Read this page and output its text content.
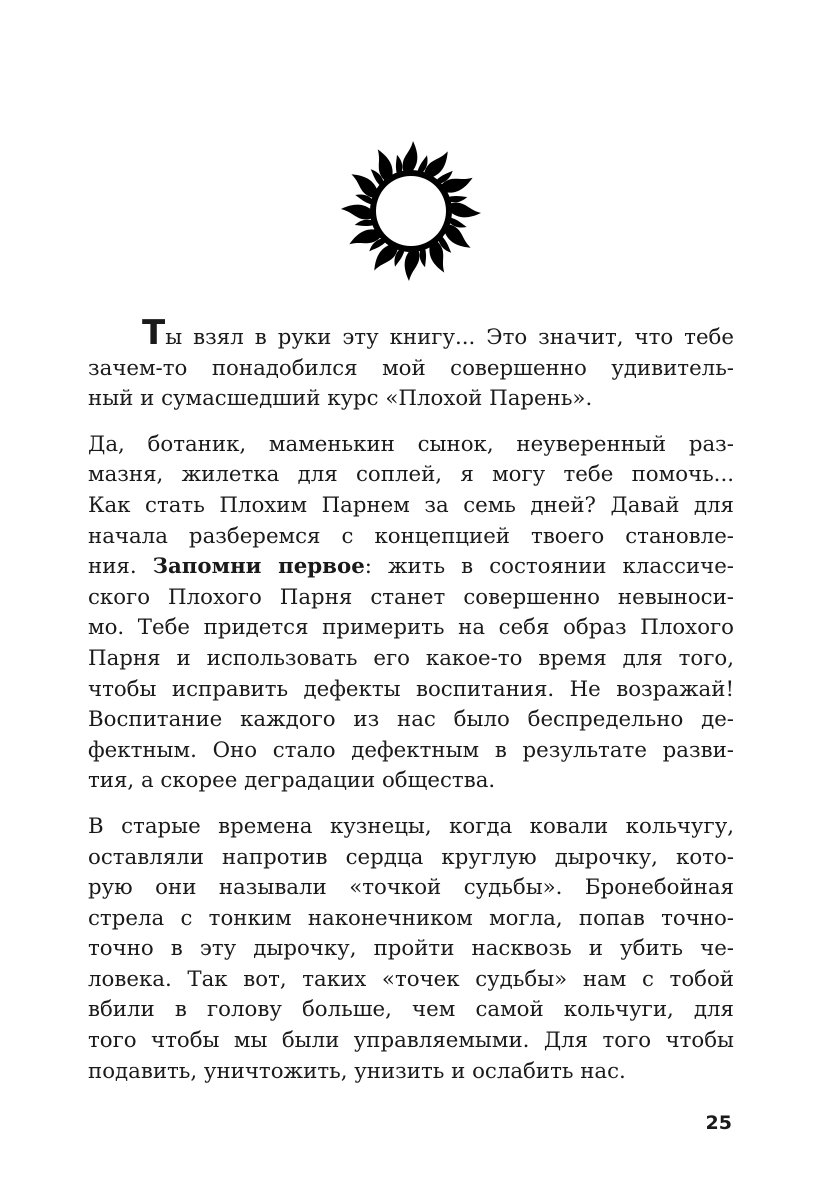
Ты взял в руки эту книгу... Это значит, что тебе

зачем-то понадобился мой совершенно удивитель-

ный и сумасшедший курс «Плохой Парень».

Да, ботаник, маменькин сынок, неуверенный раз-

мазня, жилетка для соплей, я могу тебе помочь...

Как стать Плохим Парнем за семь дней? Давай для

начала разберемся с концепцией твоего становле-

ния. Запомни первое: жить в состоянии классиче-

ского Плохого Парня станет совершенно невыноси-

мо. Тебе придется примерить на себя образ Плохого

Парня и использовать его какое-то время для того,

чтобы исправить дефекты воспитания. Не возражай!

Воспитание каждого из нас было беспредельно де-

фектным. Оно стало дефектным в результате разви-

тия, а скорее деградации общества.

В старые времена кузнецы, когда ковали кольчугу,

оставляли напротив сердца круглую дырочку, кото-

рую они называли «точкой судьбы». Бронебойная

стрела с тонким наконечником могла, попав точно-

точно в эту дырочку, пройти насквозь и убить че-

ловека. Так вот, таких «точек судьбы» нам с тобой

вбили в голову больше, чем самой кольчуги, для

того чтобы мы были управляемыми. Для того чтобы

подавить, уничтожить, унизить и ослабить нас.

25
